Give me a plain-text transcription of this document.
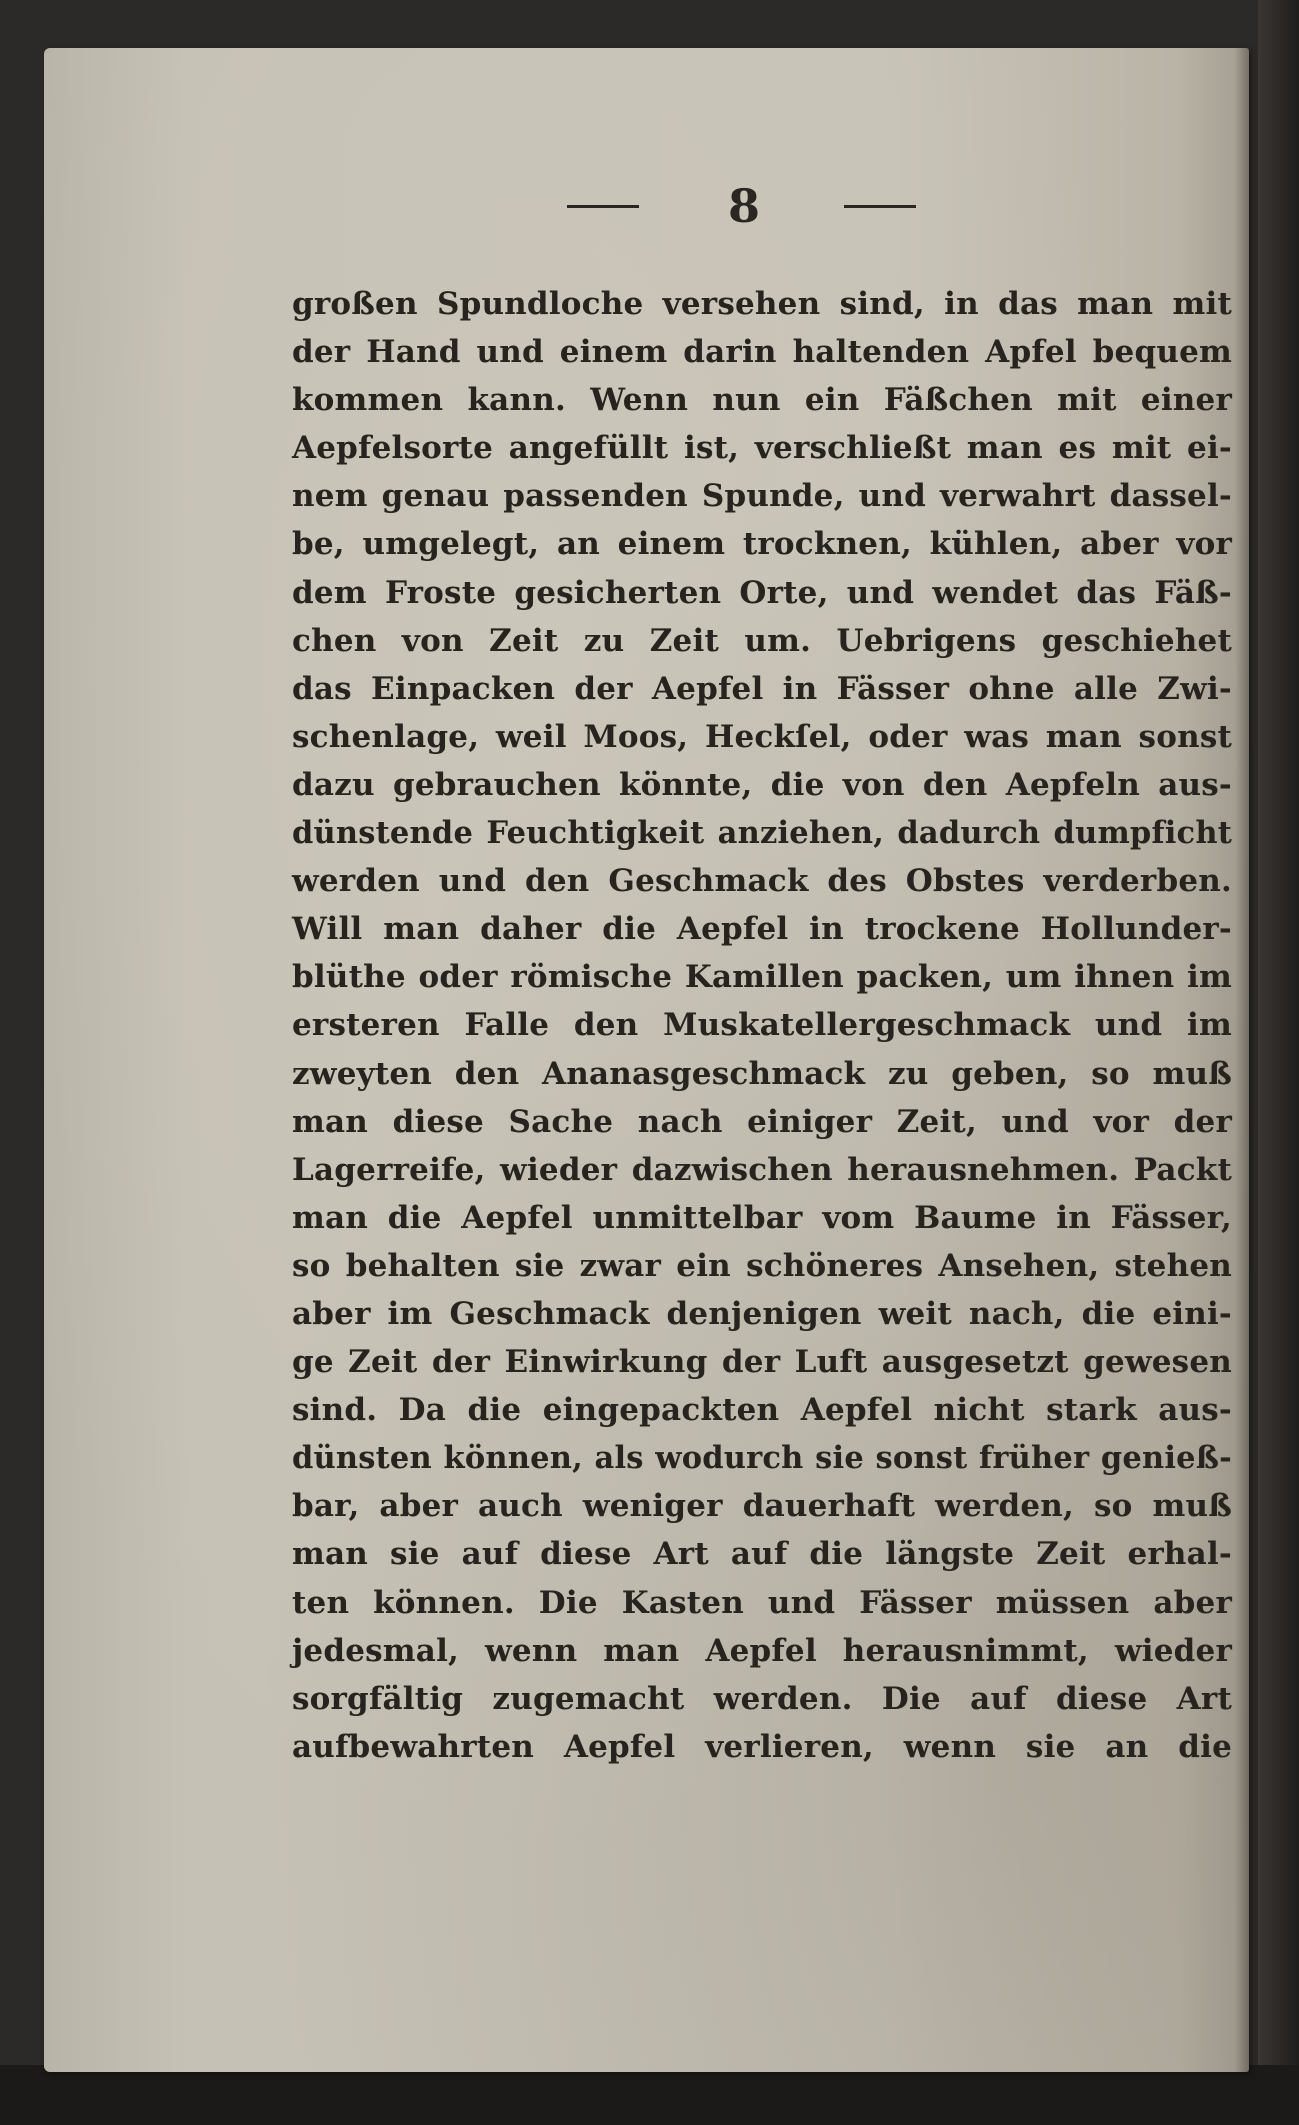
8
großen Spundloche versehen sind, in das man mit
der Hand und einem darin haltenden Apfel bequem
kommen kann. Wenn nun ein Fäßchen mit einer
Aepfelsorte angefüllt ist, verschließt man es mit ei-
nem genau passenden Spunde, und verwahrt dassel-
be, umgelegt, an einem trocknen, kühlen, aber vor
dem Froste gesicherten Orte, und wendet das Fäß-
chen von Zeit zu Zeit um. Uebrigens geschiehet
das Einpacken der Aepfel in Fässer ohne alle Zwi-
schenlage, weil Moos, Heckſel, oder was man sonst
dazu gebrauchen könnte, die von den Aepfeln aus-
dünstende Feuchtigkeit anziehen, dadurch dumpficht
werden und den Geschmack des Obstes verderben.
Will man daher die Aepfel in trockene Hollunder-
blüthe oder römische Kamillen packen, um ihnen im
ersteren Falle den Muskatellergeschmack und im
zweyten den Ananasgeschmack zu geben, so muß
man diese Sache nach einiger Zeit, und vor der
Lagerreife, wieder dazwischen herausnehmen. Packt
man die Aepfel unmittelbar vom Baume in Fässer,
so behalten sie zwar ein schöneres Ansehen, stehen
aber im Geschmack denjenigen weit nach, die eini-
ge Zeit der Einwirkung der Luft ausgesetzt gewesen
sind. Da die eingepackten Aepfel nicht stark aus-
dünsten können, als wodurch sie sonst früher genieß-
bar, aber auch weniger dauerhaft werden, so muß
man sie auf diese Art auf die längste Zeit erhal-
ten können. Die Kasten und Fässer müssen aber
jedesmal, wenn man Aepfel herausnimmt, wieder
sorgfältig zugemacht werden. Die auf diese Art
aufbewahrten Aepfel verlieren, wenn sie an die
